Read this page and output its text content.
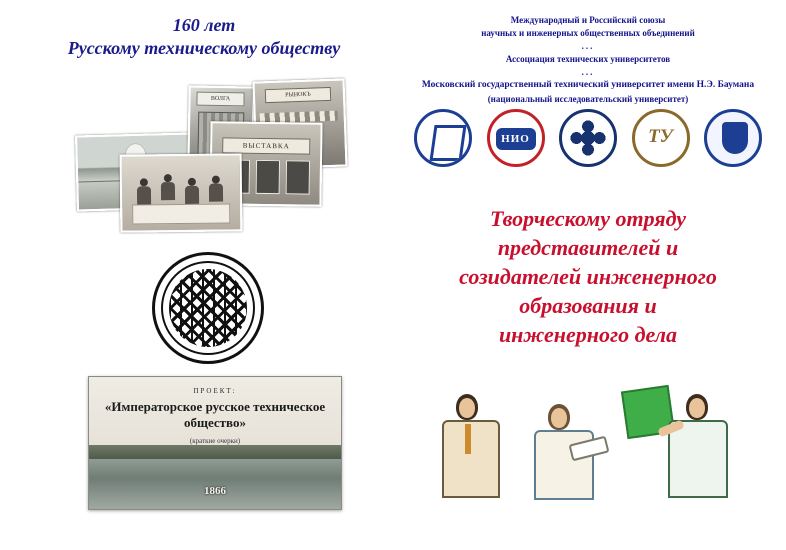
160 лет
Русскому техническому обществу
ВОЛГА
РЫНОКЪ
ВЫСТАВКА
ПРОЕКТ:
«Императорское русское техническое общество»
(краткие очерки)
1866
Международный и Российский союзы
научных и инженерных общественных объединений
...
Ассоциация технических университетов
...
Московский государственный технический университет имени Н.Э. Баумана
(национальный исследовательский университет)
НИО	ТУ
Творческому отряду
представителей и
созидателей инженерного
образования и
инженерного дела
